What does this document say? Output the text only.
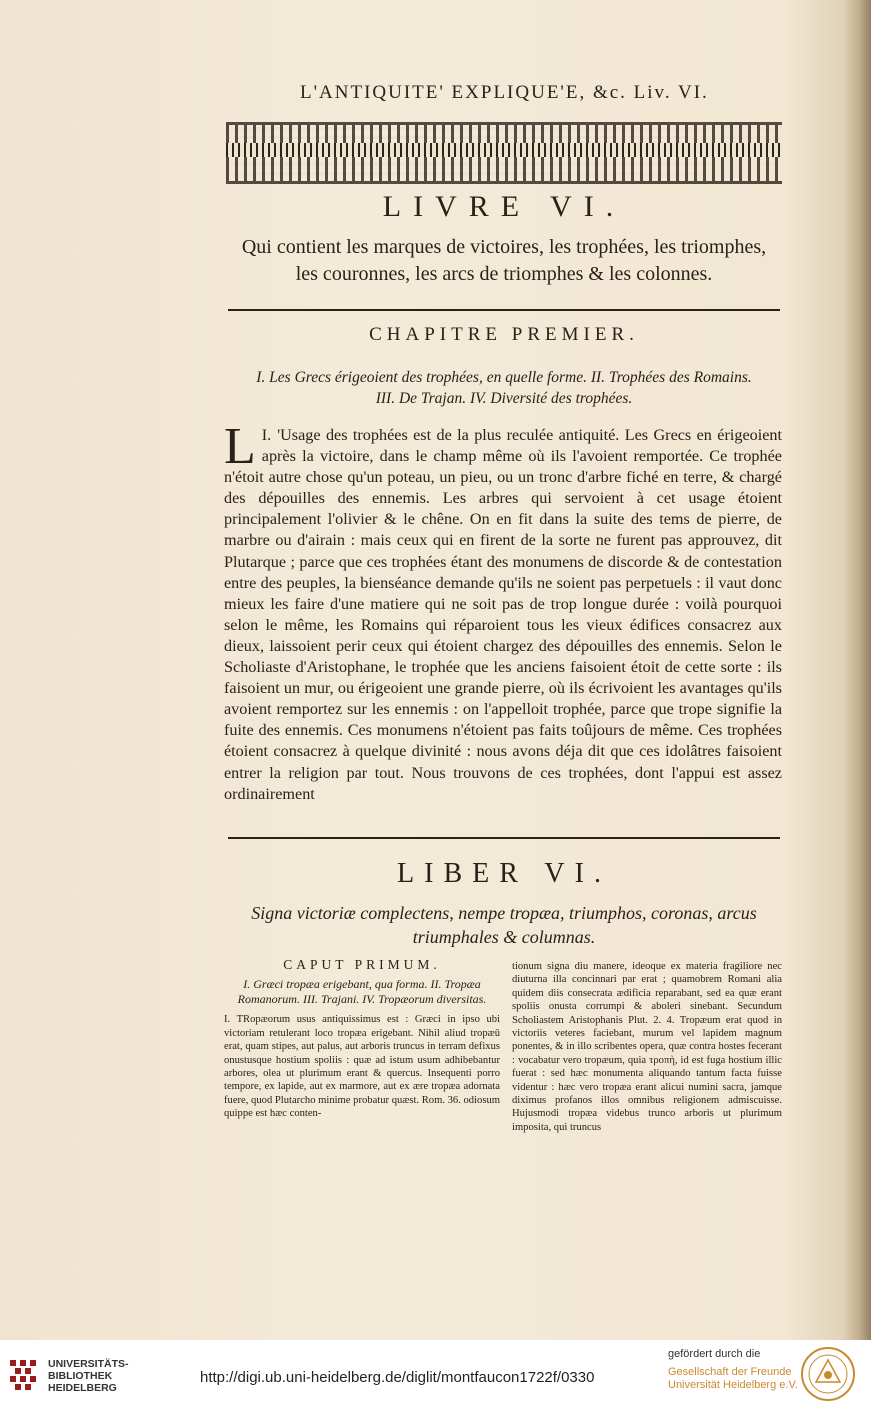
L'ANTIQUITE' EXPLIQUE'E, &c. Liv. VI.
LIVRE VI.
Qui contient les marques de victoires, les trophées, les triomphes,
les couronnes, les arcs de triomphes & les colonnes.
CHAPITRE PREMIER.
I. Les Grecs érigeoient des trophées, en quelle forme. II. Trophées des Romains.
III. De Trajan. IV. Diversité des trophées.
I.
L 'Usage des trophées est de la plus reculée antiquité. Les Grecs en érigeoient après la victoire, dans le champ même où ils l'avoient remportée. Ce trophée n'étoit autre chose qu'un poteau, un pieu, ou un tronc d'arbre fiché en terre, & chargé des dépouilles des ennemis. Les arbres qui servoient à cet usage étoient principalement l'olivier & le chêne. On en fit dans la suite des tems de pierre, de marbre ou d'airain : mais ceux qui en firent de la sorte ne furent pas approuvez, dit Plutarque ; parce que ces trophées étant des monumens de discorde & de contestation entre des peuples, la bienséance demande qu'ils ne soient pas perpetuels : il vaut donc mieux les faire d'une matiere qui ne soit pas de trop longue durée : voilà pourquoi selon le même, les Romains qui réparoient tous les vieux édifices consacrez aux dieux, laissoient perir ceux qui étoient chargez des dépouilles des ennemis. Selon le Scholiaste d'Aristophane, le trophée que les anciens faisoient étoit de cette sorte : ils faisoient un mur, ou érigeoient une grande pierre, où ils écrivoient les avantages qu'ils avoient remportez sur les ennemis : on l'appelloit trophée, parce que trope signifie la fuite des ennemis. Ces monumens n'étoient pas faits toûjours de même. Ces trophées étoient consacrez à quelque divinité : nous avons déja dit que ces idolâtres faisoient entrer la religion par tout. Nous trouvons de ces trophées, dont l'appui est assez ordinairement
LIBER VI.
Signa victoriæ complectens, nempe tropæa, triumphos, coronas, arcus
triumphales & columnas.
CAPUT PRIMUM.
I. Græci tropæa erigebant, qua forma. II. Tropæa Romanorum. III. Trajani. IV. Tropæorum diversitas.
I. TRopæorum usus antiquissimus est : Græci in ipso ubi victoriam retulerant loco tropæa erigebant. Nihil aliud tropæū erat, quam stipes, aut palus, aut arboris truncus in terram defixus onustusque hostium spoliis : quæ ad istum usum adhibebantur arbores, olea ut plurimum erant & quercus. Insequenti porro tempore, ex lapide, aut ex marmore, aut ex ære tropæa adornata fuere, quod Plutarcho minime probatur quæst. Rom. 36. odiosum quippe est hæc conten-
tionum signa diu manere, ideoque ex materia fragiliore nec diuturna illa concinnari par erat ; quamobrem Romani alia quidem diis consecrata ædificia reparabant, sed ea quæ erant spoliis onusta corrumpi & aboleri sinebant. Secundum Scholiastem Aristophanis Plut. 2. 4. Tropæum erat quod in victoriis veteres faciebant, murum vel lapidem magnum ponentes, & in illo scribentes opera, quæ contra hostes fecerant : vocabatur vero tropæum, quia τροπὴ, id est fuga hostium illic fuerat : sed hæc monumenta aliquando tantum facta fuisse videntur : hæc vero tropæa erant alicui numini sacra, jamque diximus profanos illos omnibus religionem admiscuisse. Hujusmodi tropæa videbus trunco arboris ut plurimum imposita, qui truncus
UNIVERSITÄTS-
BIBLIOTHEK
HEIDELBERG
http://digi.ub.uni-heidelberg.de/diglit/montfaucon1722f/0330
gefördert durch die
Gesellschaft der Freunde
Universität Heidelberg e.V.
